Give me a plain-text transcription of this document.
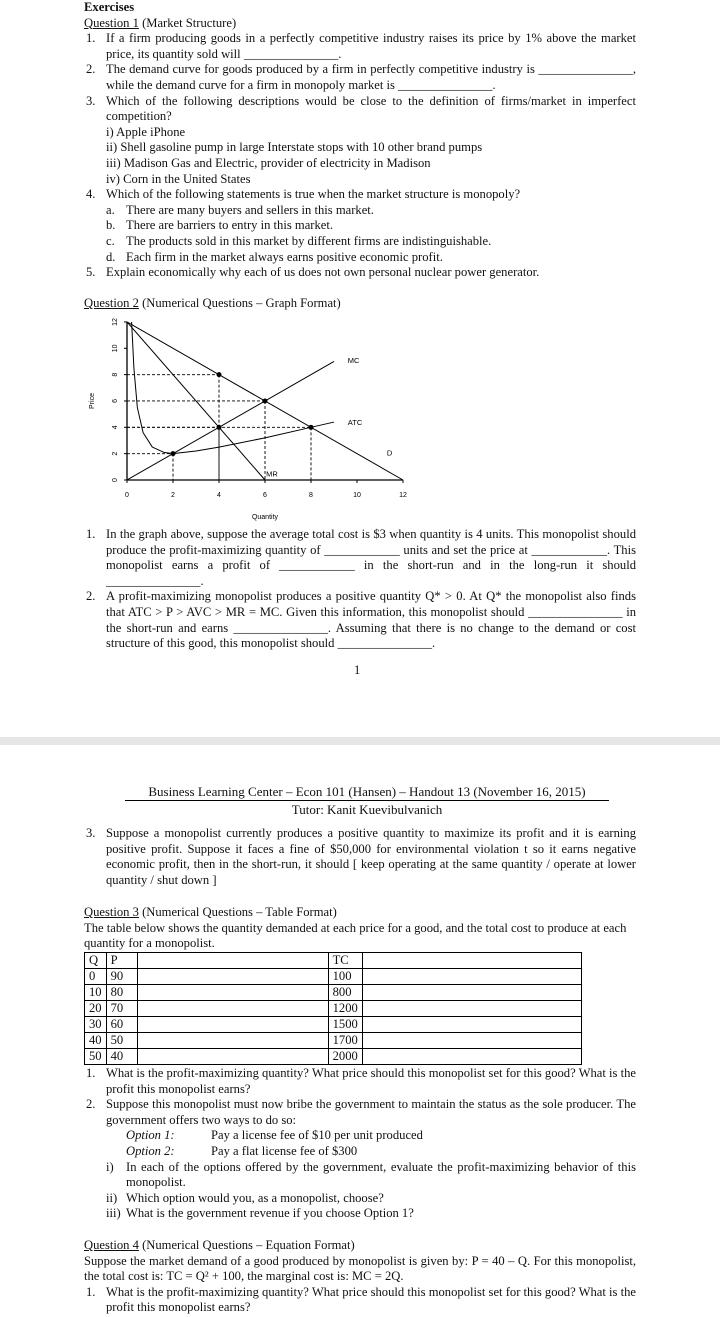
Exercises
Question 1 (Market Structure)
1. If a firm producing goods in a perfectly competitive industry raises its price by 1% above the market price, its quantity sold will _______________.
2. The demand curve for goods produced by a firm in perfectly competitive industry is _______________, while the demand curve for a firm in monopoly market is _______________.
3. Which of the following descriptions would be close to the definition of firms/market in imperfect competition?
i) Apple iPhone
ii) Shell gasoline pump in large Interstate stops with 10 other brand pumps
iii) Madison Gas and Electric, provider of electricity in Madison
iv) Corn in the United States
4. Which of the following statements is true when the market structure is monopoly?
a. There are many buyers and sellers in this market.
b. There are barriers to entry in this market.
c. The products sold in this market by different firms are indistinguishable.
d. Each firm in the market always earns positive economic profit.
5. Explain economically why each of us does not own personal nuclear power generator.
Question 2 (Numerical Questions – Graph Format)
0	2	4	6	8	10	12
0
2
4
6
8
10
12
Quantity
Price
MC
ATC
D
MR
1. In the graph above, suppose the average total cost is $3 when quantity is 4 units. This monopolist should produce the profit-maximizing quantity of ____________ units and set the price at ____________. This monopolist earns a profit of ____________ in the short-run and in the long-run it should _______________.
2. A profit-maximizing monopolist produces a positive quantity Q* > 0. At Q* the monopolist also finds that ATC > P > AVC > MR = MC. Given this information, this monopolist should _______________ in the short-run and earns _______________. Assuming that there is no change to the demand or cost structure of this good, this monopolist should _______________.
1
Business Learning Center – Econ 101 (Hansen) – Handout 13 (November 16, 2015)
Tutor: Kanit Kuevibulvanich
3. Suppose a monopolist currently produces a positive quantity to maximize its profit and it is earning positive profit. Suppose it faces a fine of $50,000 for environmental violation t so it earns negative economic profit, then in the short-run, it should [ keep operating at the same quantity / operate at lower quantity / shut down ]
Question 3 (Numerical Questions – Table Format)
The table below shows the quantity demanded at each price for a good, and the total cost to produce at each quantity for a monopolist.
Q	P		TC	
0	90		100	
10	80		800	
20	70		1200	
30	60		1500	
40	50		1700	
50	40		2000	
1. What is the profit-maximizing quantity? What price should this monopolist set for this good? What is the profit this monopolist earns?
2. Suppose this monopolist must now bribe the government to maintain the status as the sole producer. The government offers two ways to do so:
Option 1:	Pay a license fee of $10 per unit produced
Option 2:	Pay a flat license fee of $300
i) In each of the options offered by the government, evaluate the profit-maximizing behavior of this monopolist.
ii) Which option would you, as a monopolist, choose?
iii) What is the government revenue if you choose Option 1?
Question 4 (Numerical Questions – Equation Format)
Suppose the market demand of a good produced by monopolist is given by: P = 40 – Q. For this monopolist, the total cost is: TC = Q² + 100, the marginal cost is: MC = 2Q.
1. What is the profit-maximizing quantity? What price should this monopolist set for this good? What is the profit this monopolist earns?
